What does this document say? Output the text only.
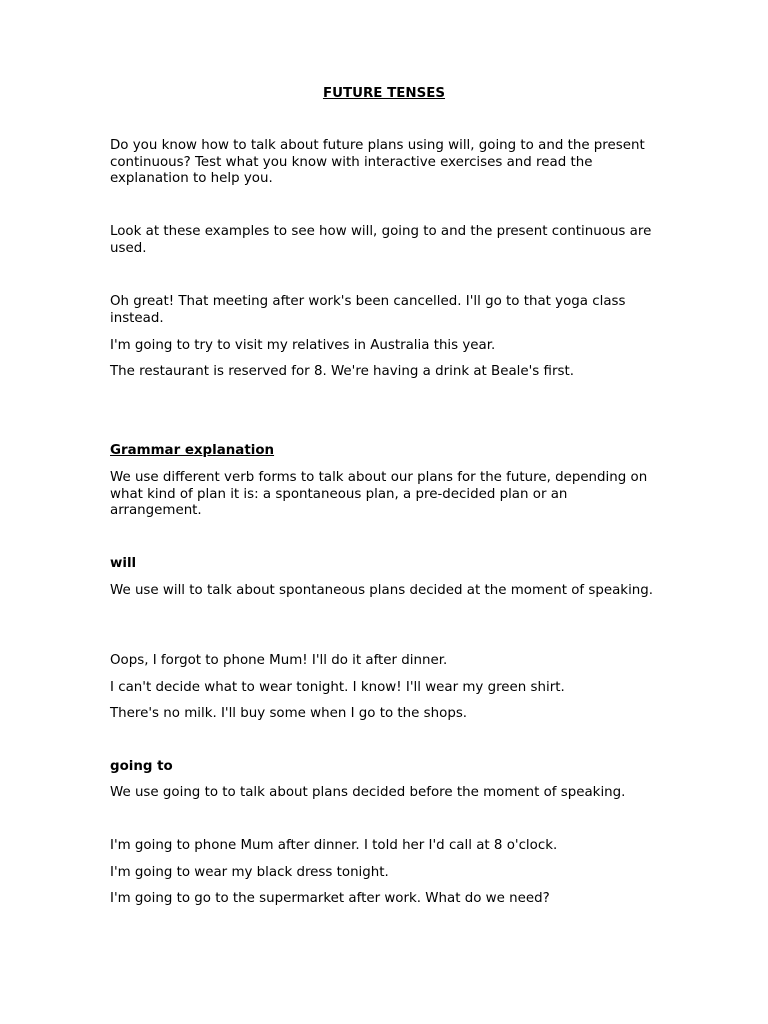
FUTURE TENSES

Do you know how to talk about future plans using will, going to and the present continuous? Test what you know with interactive exercises and read the explanation to help you.

Look at these examples to see how will, going to and the present continuous are used.

Oh great! That meeting after work's been cancelled. I'll go to that yoga class instead.

I'm going to try to visit my relatives in Australia this year.

The restaurant is reserved for 8. We're having a drink at Beale's first.

Grammar explanation

We use different verb forms to talk about our plans for the future, depending on what kind of plan it is: a spontaneous plan, a pre-decided plan or an arrangement.

will

We use will to talk about spontaneous plans decided at the moment of speaking.

Oops, I forgot to phone Mum! I'll do it after dinner.

I can't decide what to wear tonight. I know! I'll wear my green shirt.

There's no milk. I'll buy some when I go to the shops.

going to

We use going to to talk about plans decided before the moment of speaking.

I'm going to phone Mum after dinner. I told her I'd call at 8 o'clock.

I'm going to wear my black dress tonight.

I'm going to go to the supermarket after work. What do we need?
